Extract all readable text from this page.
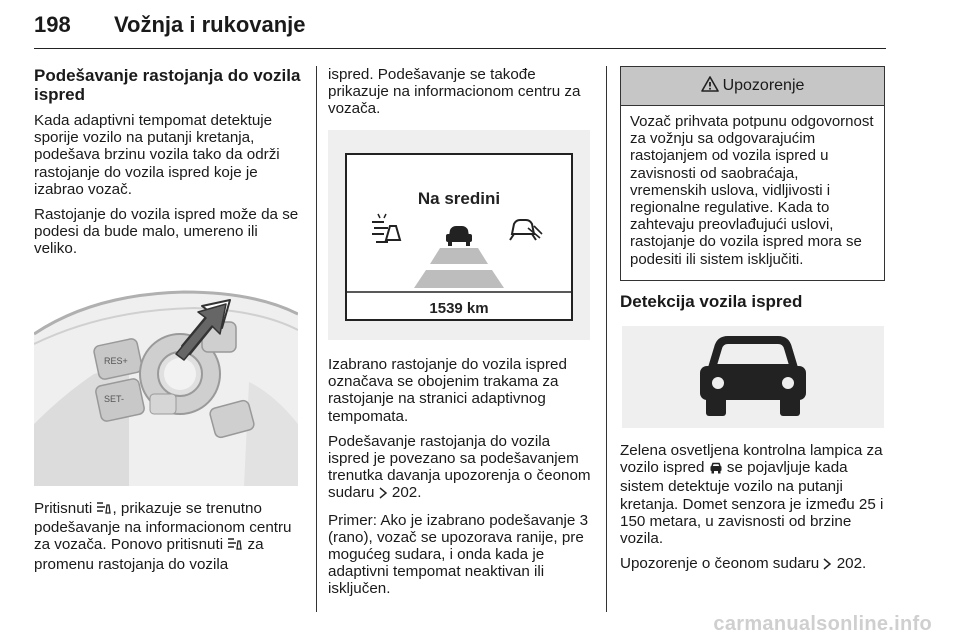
198 Vožnja i rukovanje
Podešavanje rastojanja do vozila ispred

Kada adaptivni tempomat detektuje sporije vozilo na putanji kretanja, podešava brzinu vozila tako da održi rastojanje do vozila ispred koje je izabrao vozač.

Rastojanje do vozila ispred može da se podesi da bude malo, umereno ili veliko.

RES+
SET-

Pritisnuti , prikazuje se trenutno podešavanje na informacionom centru za vozača. Ponovo pritisnuti  za promenu rastojanja do vozila

ispred. Podešavanje se takođe prikazuje na informacionom centru za vozača.

Na sredini
1539 km

Izabrano rastojanje do vozila ispred označava se obojenim trakama za rastojanje na stranici adaptivnog tempomata.

Podešavanje rastojanja do vozila ispred je povezano sa podešavanjem trenutka davanja upozorenja o čeonom sudaru  202.

Primer: Ako je izabrano podešavanje 3 (rano), vozač se upozorava ranije, pre mogućeg sudara, i onda kada je adaptivni tempomat neaktivan ili isključen.

Upozorenje
Vozač prihvata potpunu odgovornost za vožnju sa odgovarajućim rastojanjem od vozila ispred u zavisnosti od saobraćaja, vremenskih uslova, vidljivosti i regionalne regulative. Kada to zahtevaju preovlađujući uslovi, rastojanje do vozila ispred mora se podesiti ili sistem isključiti.
Detekcija vozila ispred

Zelena osvetljena kontrolna lampica za vozilo ispred  se pojavljuje kada sistem detektuje vozilo na putanji kretanja. Domet senzora je između 25 i 150 metara, u zavisnosti od brzine vozila.

Upozorenje o čeonom sudaru  202.

carmanualsonline.info
